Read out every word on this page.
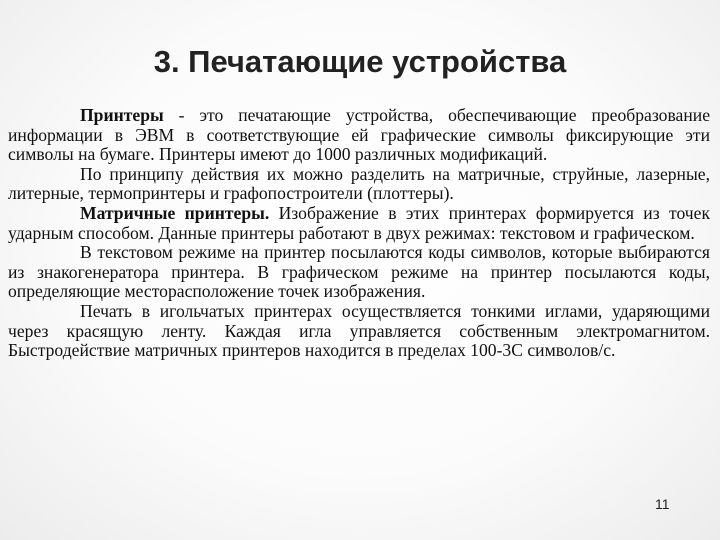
3. Печатающие устройства

Принтеры - это печатающие устройства, обеспечивающие преобразование информации в ЭВМ в соответствующие ей графические символы фиксирующие эти символы на бумаге. Принтеры имеют до 1000 различных модификаций.

По принципу действия их можно разделить на матричные, струйные, лазерные, литерные, термопринтеры и графопостроители (плоттеры).

Матричные принтеры. Изображение в этих принтерах формируется из точек ударным способом. Данные принтеры работают в двух режимах: текстовом и графическом.

В текстовом режиме на принтер посылаются коды символов, которые выбираются из знакогенератора принтера. В графическом режиме на принтер посылаются коды, определяющие месторасположение точек изображения.

Печать в игольчатых принтерах осуществляется тонкими иглами, ударяющими через красящую ленту. Каждая игла управляется собственным электромагнитом. Быстродействие матричных принтеров находится в пределах 100-3С символов/с.

11
